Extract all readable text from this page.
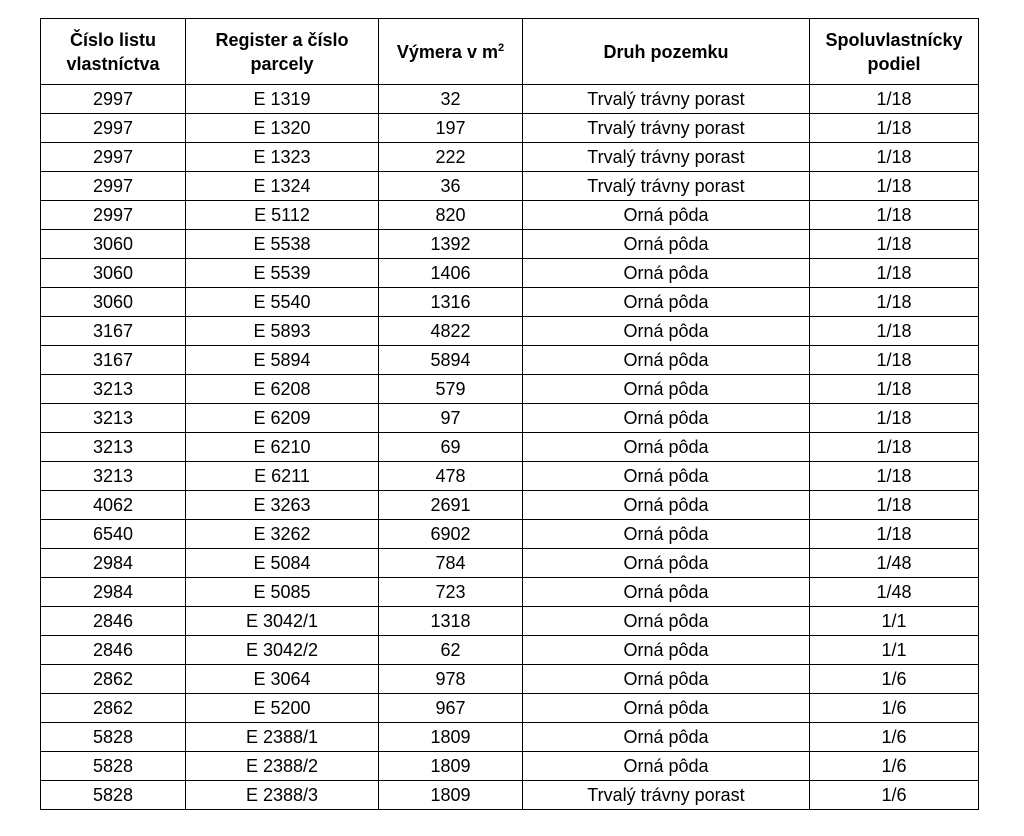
Číslo listu vlastníctva	Register a číslo parcely	Výmera v $m^2$	Druh pozemku	Spoluvlastnícky podiel
2997	E 1319	32	Trvalý trávny porast	1/18
2997	E 1320	197	Trvalý trávny porast	1/18
2997	E 1323	222	Trvalý trávny porast	1/18
2997	E 1324	36	Trvalý trávny porast	1/18
2997	E 5112	820	Orná pôda	1/18
3060	E 5538	1392	Orná pôda	1/18
3060	E 5539	1406	Orná pôda	1/18
3060	E 5540	1316	Orná pôda	1/18
3167	E 5893	4822	Orná pôda	1/18
3167	E 5894	5894	Orná pôda	1/18
3213	E 6208	579	Orná pôda	1/18
3213	E 6209	97	Orná pôda	1/18
3213	E 6210	69	Orná pôda	1/18
3213	E 6211	478	Orná pôda	1/18
4062	E 3263	2691	Orná pôda	1/18
6540	E 3262	6902	Orná pôda	1/18
2984	E 5084	784	Orná pôda	1/48
2984	E 5085	723	Orná pôda	1/48
2846	E 3042/1	1318	Orná pôda	1/1
2846	E 3042/2	62	Orná pôda	1/1
2862	E 3064	978	Orná pôda	1/6
2862	E 5200	967	Orná pôda	1/6
5828	E 2388/1	1809	Orná pôda	1/6
5828	E 2388/2	1809	Orná pôda	1/6
5828	E 2388/3	1809	Trvalý trávny porast	1/6
